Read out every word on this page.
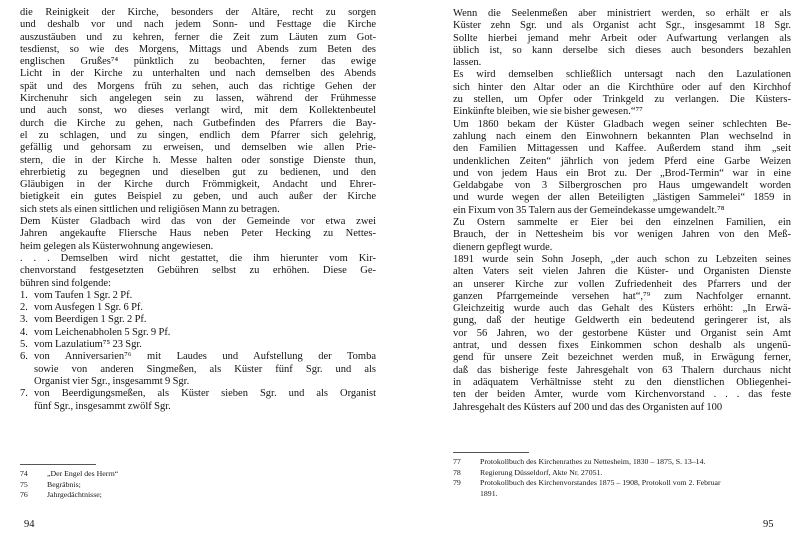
die Reinigkeit der Kirche, besonders der Altäre, recht zu sorgen
und deshalb vor und nach jedem Sonn- und Festtage die Kirche
auszustäuben und zu kehren, ferner die Zeit zum Läuten zum Got-
tesdienst, so wie des Morgens, Mittags und Abends zum Beten des
englischen Grußes⁷⁴ pünktlich zu beobachten, ferner das ewige
Licht in der Kirche zu unterhalten und nach demselben des Abends
spät und des Morgens früh zu sehen, auch das richtige Gehen der
Kirchenuhr sich angelegen sein zu lassen, während der Frühmesse
und auch sonst, wo dieses verlangt wird, mit dem Kollektenbeutel
durch die Kirche zu gehen, nach Gutbefinden des Pfarrers die Bay-
el zu schlagen, und zu singen, endlich dem Pfarrer sich gelehrig,
gefällig und gehorsam zu erweisen, und demselben wie allen Prie-
stern, die in der Kirche h. Messe halten oder sonstige Dienste thun,
ehrerbietig zu begegnen und dieselben gut zu bedienen, und den
Gläubigen in der Kirche durch Frömmigkeit, Andacht und Ehrer-
bietigkeit ein gutes Beispiel zu geben, und auch außer der Kirche
sich stets als einen sittlichen und religiösen Mann zu betragen.
Dem Küster Gladbach wird das von der Gemeinde vor etwa zwei
Jahren angekaufte Fliersche Haus neben Peter Hecking zu Nettes-
heim gelegen als Küsterwohnung angewiesen.
. . . Demselben wird nicht gestattet, die ihm hierunter vom Kir-
chenvorstand festgesetzten Gebühren selbst zu erhöhen. Diese Ge-
bühren sind folgende:
1. vom Taufen 1 Sgr. 2 Pf.
2. vom Ausfegen 1 Sgr. 6 Pf.
3. vom Beerdigen 1 Sgr. 2 Pf.
4. vom Leichenabholen 5 Sgr. 9 Pf.
5. vom Lazulatium⁷⁵ 23 Sgr.
6. von Anniversarien⁷⁶ mit Laudes und Aufstellung der Tomba
sowie von anderen Singmeßen, als Küster fünf Sgr. und als
Organist vier Sgr., insgesammt 9 Sgr.
7. von Beerdigungsmeßen, als Küster sieben Sgr. und als Organist
fünf Sgr., insgesammt zwölf Sgr.
74	„Der Engel des Herrn“
75	Begräbnis;
76	Jahrgedächtnisse;
94
Wenn die Seelenmeßen aber ministriert werden, so erhält er als
Küster zehn Sgr. und als Organist acht Sgr., insgesammt 18 Sgr.
Sollte hierbei jemand mehr Arbeit oder Aufwartung verlangen als
üblich ist, so kann derselbe sich dieses auch besonders bezahlen
lassen.
Es wird demselben schließlich untersagt nach den Lazulationen
sich hinter den Altar oder an die Kirchthüre oder auf den Kirchhof
zu stellen, um Opfer oder Trinkgeld zu verlangen. Die Küsters-
Einkünfte bleiben, wie sie bisher gewesen.“⁷⁷
Um 1860 bekam der Küster Gladbach wegen seiner schlechten Be-
zahlung nach einem den Einwohnern bekannten Plan wechselnd in
den Familien Mittagessen und Kaffee. Außerdem stand ihm „seit
undenklichen Zeiten“ jährlich von jedem Pferd eine Garbe Weizen
und von jedem Haus ein Brot zu. Der „Brod-Termin“ war in eine
Geldabgabe von 3 Silbergroschen pro Haus umgewandelt worden
und wurde wegen der allen Beteiligten „lästigen Sammelei“ 1859 in
ein Fixum von 35 Talern aus der Gemeindekasse umgewandelt.⁷⁸
Zu Ostern sammelte er Eier bei den einzelnen Familien, ein
Brauch, der in Nettesheim bis vor wenigen Jahren von den Meß-
dienern gepflegt wurde.
1891 wurde sein Sohn Joseph, „der auch schon zu Lebzeiten seines
alten Vaters seit vielen Jahren die Küster- und Organisten Dienste
an unserer Kirche zur vollen Zufriedenheit des Pfarrers und der
ganzen Pfarrgemeinde versehen hat“,⁷⁹ zum Nachfolger ernannt.
Gleichzeitig wurde auch das Gehalt des Küsters erhöht: „In Erwä-
gung, daß der heutige Geldwerth ein bedeutend geringerer ist, als
vor 56 Jahren, wo der gestorbene Küster und Organist sein Amt
antrat, und dessen fixes Einkommen schon deshalb als ungenü-
gend für unsere Zeit bezeichnet werden muß, in Erwägung ferner,
daß das bisherige feste Jahresgehalt von 63 Thalern durchaus nicht
in adäquatem Verhältnisse steht zu den dienstlichen Obliegenhei-
ten der beiden Ämter, wurde vom Kirchenvorstand . . . das feste
Jahresgehalt des Küsters auf 200 und das des Organisten auf 100
77	Protokollbuch des Kirchenrathes zu Nettesheim, 1830 – 1875, S. 13–14.
78	Regierung Düsseldorf, Akte Nr. 27051.
79	Protokollbuch des Kirchenvorstandes 1875 – 1908, Protokoll vom 2. Februar
1891.
95
